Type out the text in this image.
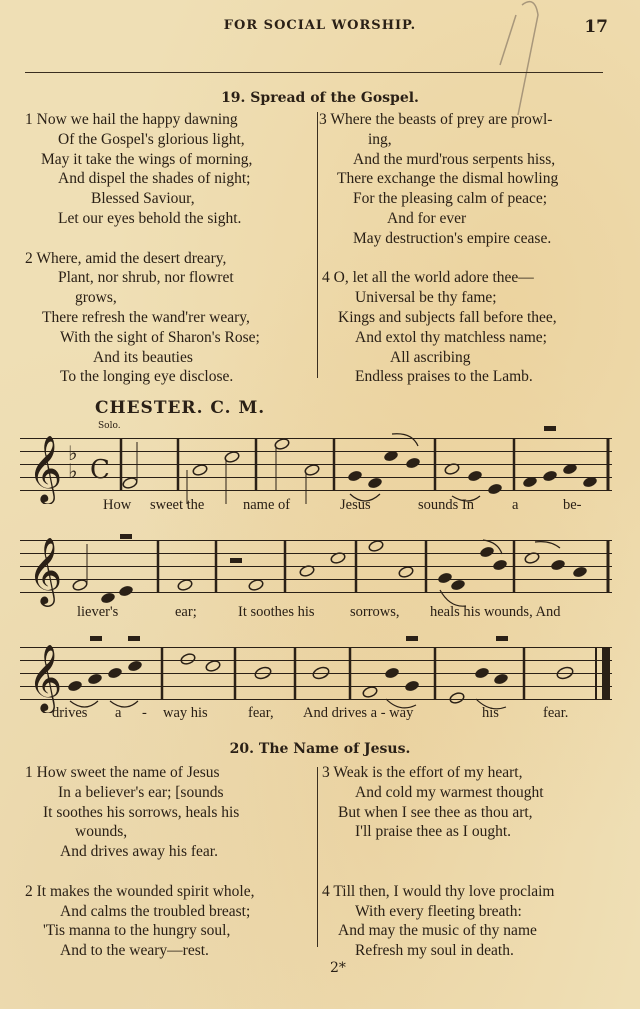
FOR SOCIAL WORSHIP.	17
19. Spread of the Gospel.
1 Now we hail the happy dawning
Of the Gospel's glorious light,
May it take the wings of morning,
And dispel the shades of night;
Blessed Saviour,
Let our eyes behold the sight.
2 Where, amid the desert dreary,
Plant, nor shrub, nor flowret
grows,
There refresh the wand'rer weary,
With the sight of Sharon's Rose;
And its beauties
To the longing eye disclose.
3 Where the beasts of prey are prowl-
ing,
And the murd'rous serpents hiss,
There exchange the dismal howling
For the pleasing calm of peace;
And for ever
May destruction's empire cease.
4 O, let all the world adore thee—
Universal be thy fame;
Kings and subjects fall before thee,
And extol thy matchless name;
All ascribing
Endless praises to the Lamb.
CHESTER. C. M.
Solo.
𝄞 ♭
♭ C
How sweet the	name of	Jesus	sounds In	a	be-
𝄞
liever's	ear;	It soothes his sorrows, heals his wounds, And
𝄞
drives a - way his	fear, And drives a - way	his	fear.
20. The Name of Jesus.
1 How sweet the name of Jesus
In a believer's ear; [sounds
It soothes his sorrows, heals his
wounds,
And drives away his fear.
2 It makes the wounded spirit whole,
And calms the troubled breast;
'Tis manna to the hungry soul,
And to the weary—rest.
3 Weak is the effort of my heart,
And cold my warmest thought
But when I see thee as thou art,
I'll praise thee as I ought.
4 Till then, I would thy love proclaim
With every fleeting breath:
And may the music of thy name
Refresh my soul in death.
2*
